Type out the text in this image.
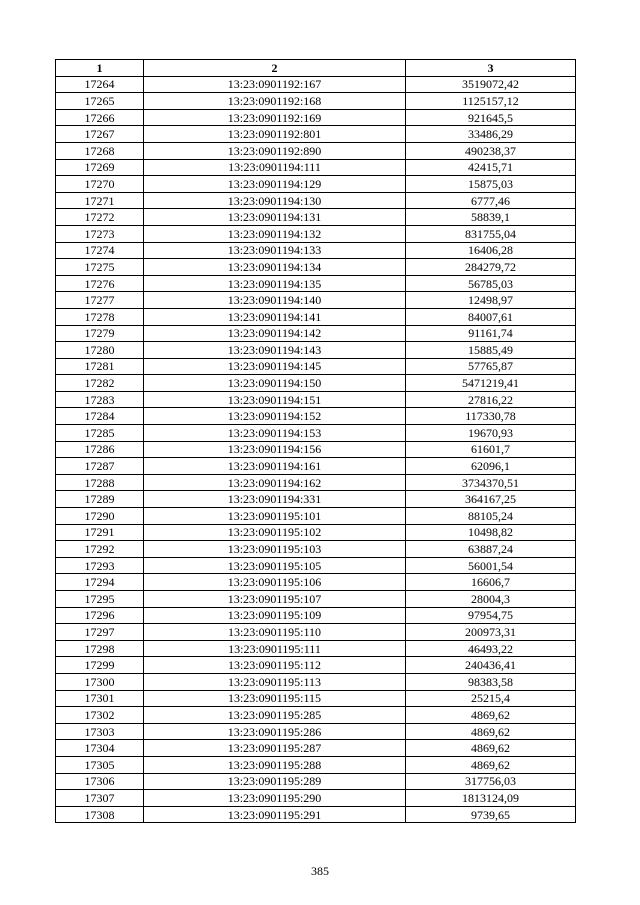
1	2	3
17264	13:23:0901192:167	3519072,42
17265	13:23:0901192:168	1125157,12
17266	13:23:0901192:169	921645,5
17267	13:23:0901192:801	33486,29
17268	13:23:0901192:890	490238,37
17269	13:23:0901194:111	42415,71
17270	13:23:0901194:129	15875,03
17271	13:23:0901194:130	6777,46
17272	13:23:0901194:131	58839,1
17273	13:23:0901194:132	831755,04
17274	13:23:0901194:133	16406,28
17275	13:23:0901194:134	284279,72
17276	13:23:0901194:135	56785,03
17277	13:23:0901194:140	12498,97
17278	13:23:0901194:141	84007,61
17279	13:23:0901194:142	91161,74
17280	13:23:0901194:143	15885,49
17281	13:23:0901194:145	57765,87
17282	13:23:0901194:150	5471219,41
17283	13:23:0901194:151	27816,22
17284	13:23:0901194:152	117330,78
17285	13:23:0901194:153	19670,93
17286	13:23:0901194:156	61601,7
17287	13:23:0901194:161	62096,1
17288	13:23:0901194:162	3734370,51
17289	13:23:0901194:331	364167,25
17290	13:23:0901195:101	88105,24
17291	13:23:0901195:102	10498,82
17292	13:23:0901195:103	63887,24
17293	13:23:0901195:105	56001,54
17294	13:23:0901195:106	16606,7
17295	13:23:0901195:107	28004,3
17296	13:23:0901195:109	97954,75
17297	13:23:0901195:110	200973,31
17298	13:23:0901195:111	46493,22
17299	13:23:0901195:112	240436,41
17300	13:23:0901195:113	98383,58
17301	13:23:0901195:115	25215,4
17302	13:23:0901195:285	4869,62
17303	13:23:0901195:286	4869,62
17304	13:23:0901195:287	4869,62
17305	13:23:0901195:288	4869,62
17306	13:23:0901195:289	317756,03
17307	13:23:0901195:290	1813124,09
17308	13:23:0901195:291	9739,65
385
